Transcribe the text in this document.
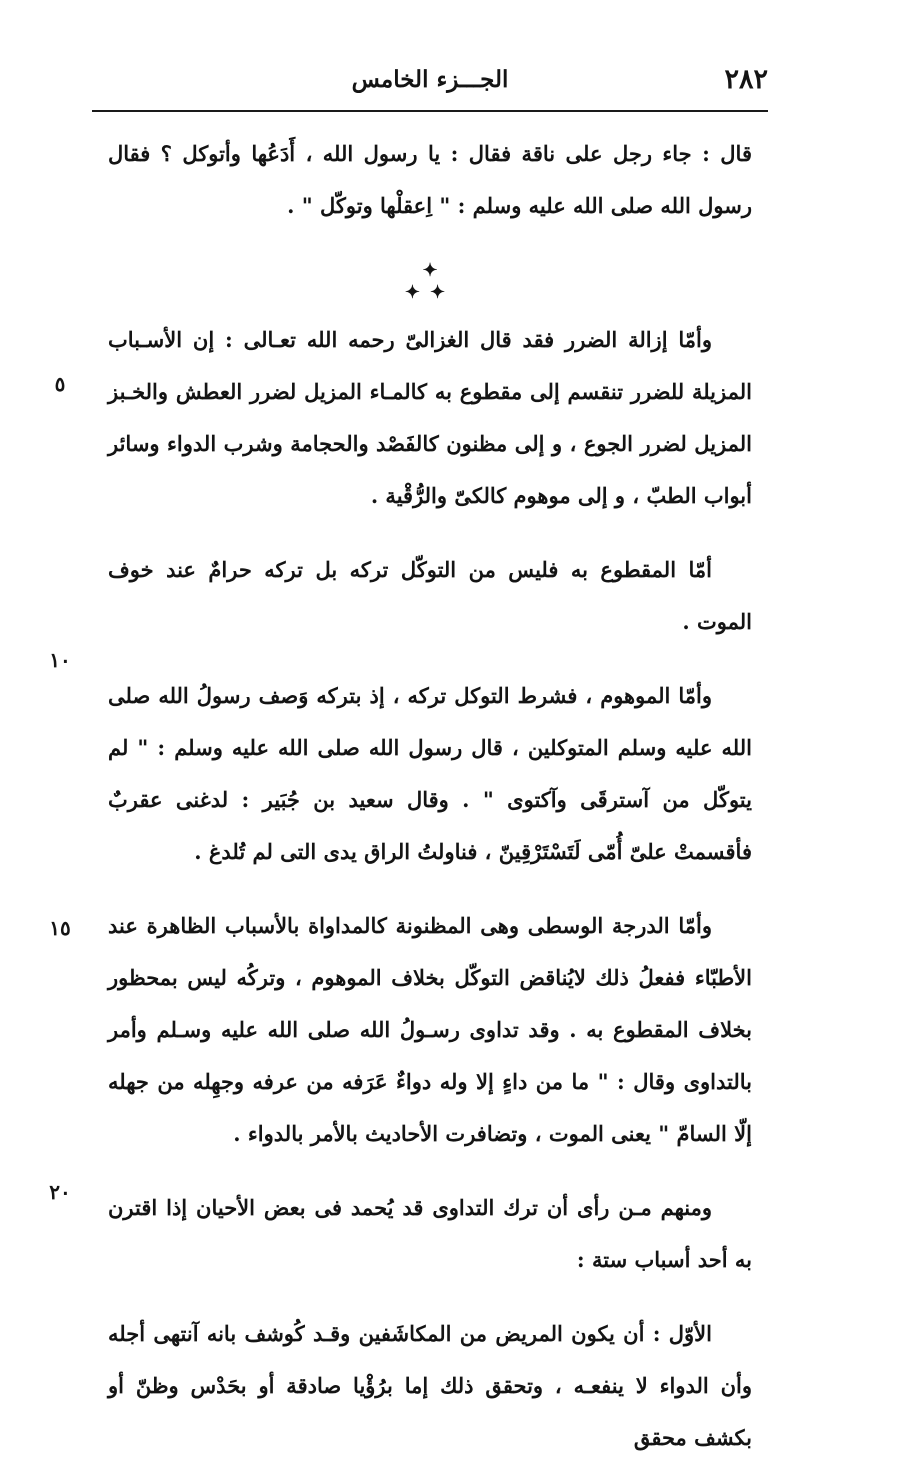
٢٨٢
الجـــزء الخامس

قال : جاء رجل على ناقة فقال : يا رسول الله ، أَدَعُها وأتوكل ؟ فقال رسول الله صلى الله عليه وسلم : " اِعقلْها وتوكّل " .

✦
✦✦

وأمّا إزالة الضرر فقد قال الغزالىّ رحمه الله تعـالى : إن الأسـباب المزيلة للضرر تنقسم إلى مقطوع به كالمـاء المزيل لضرر العطش والخـبز المزيل لضرر الجوع ، و إلى مظنون كالفَصْد والحجامة وشرب الدواء وسائر أبواب الطبّ ، و إلى موهوم كالكىّ والرُّقْية .

أمّا المقطوع به فليس من التوكّل تركه بل تركه حرامٌ عند خوف الموت .

وأمّا الموهوم ، فشرط التوكل تركه ، إذ بتركه وَصف رسولُ الله صلى الله عليه وسلم المتوكلين ، قال رسول الله صلى الله عليه وسلم : " لم يتوكّل من آسترقَى وآكتوى " . وقال سعيد بن جُبَير : لدغنى عقربٌ فأقسمتْ علىّ أُمّى لَتَسْتَرْقِينّ ، فناولتُ الراق يدى التى لم تُلدغ .

وأمّا الدرجة الوسطى وهى المظنونة كالمداواة بالأسباب الظاهرة عند الأطبّاء ففعلُ ذلك لايُناقض التوكّل بخلاف الموهوم ، وتركُه ليس بمحظور بخلاف المقطوع به . وقد تداوى رسـولُ الله صلى الله عليه وسـلم وأمر بالتداوى وقال : " ما من داءٍ إلا وله دواءٌ عَرَفه من عرفه وجهِله من جهله إلّا السامّ " يعنى الموت ، وتضافرت الأحاديث بالأمر بالدواء .

ومنهم مـن رأى أن ترك التداوى قد يُحمد فى بعض الأحيان إذا اقترن به أحد أسباب ستة :

الأوّل : أن يكون المريض من المكاشَفين وقـد كُوشف بانه آنتهى أجله وأن الدواء لا ينفعـه ، وتحقق ذلك إما برُؤْيا صادقة أو بحَدْس وظنّ أو بكشف محقق

٥
١٠
١٥
٢٠
